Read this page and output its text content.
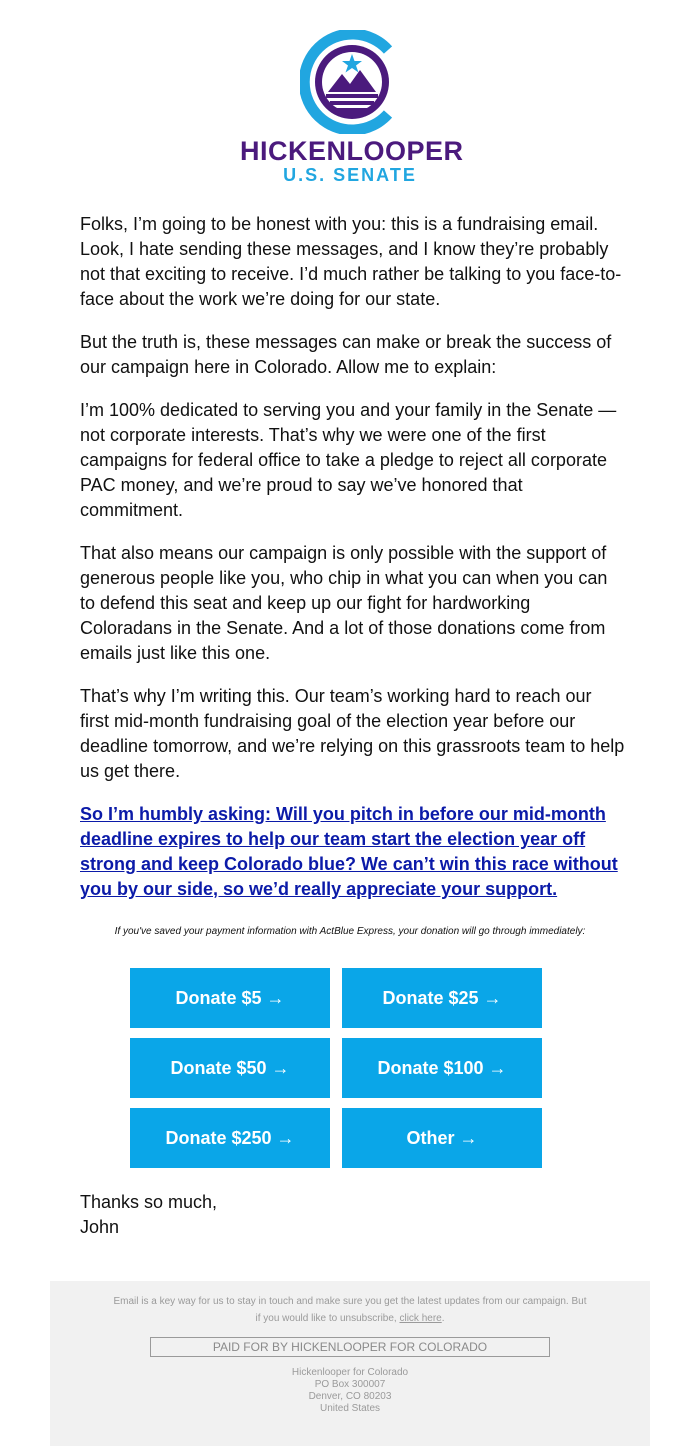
HICKENLOOPER
U.S. SENATE

Folks, I’m going to be honest with you: this is a fundraising email. Look, I hate sending these messages, and I know they’re probably not that exciting to receive. I’d much rather be talking to you face-to-face about the work we’re doing for our state.

But the truth is, these messages can make or break the success of our campaign here in Colorado. Allow me to explain:

I’m 100% dedicated to serving you and your family in the Senate — not corporate interests. That’s why we were one of the first campaigns for federal office to take a pledge to reject all corporate PAC money, and we’re proud to say we’ve honored that commitment.

That also means our campaign is only possible with the support of generous people like you, who chip in what you can when you can to defend this seat and keep up our fight for hardworking Coloradans in the Senate. And a lot of those donations come from emails just like this one.

That’s why I’m writing this. Our team’s working hard to reach our first mid-month fundraising goal of the election year before our deadline tomorrow, and we’re relying on this grassroots team to help us get there.

So I’m humbly asking: Will you pitch in before our mid-month deadline expires to help our team start the election year off strong and keep Colorado blue? We can’t win this race without you by our side, so we’d really appreciate your support.

If you've saved your payment information with ActBlue Express, your donation will go through immediately:
Donate $5 →	Donate $25 →
Donate $50 →	Donate $100 →
Donate $250 →	Other →
Thanks so much,
John
Email is a key way for us to stay in touch and make sure you get the latest updates from our campaign. But if you would like to unsubscribe, click here.
PAID FOR BY HICKENLOOPER FOR COLORADO
Hickenlooper for Colorado
PO Box 300007
Denver, CO 80203
United States
